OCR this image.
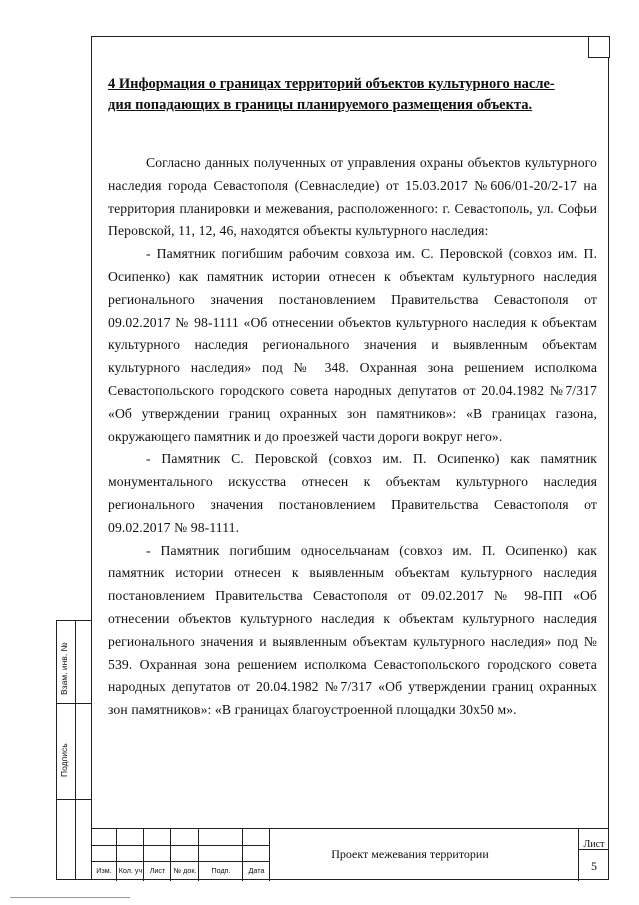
4 Информация о границах территорий объектов культурного насле-
дия попадающих в границы планируемого размещения объекта.

Согласно данных полученных от управления охраны объектов культурного наследия города Севастополя (Севнаследие) от 15.03.2017 №606/01-20/2-17 на территория планировки и межевания, расположенного: г. Севастополь, ул. Софьи Перовской, 11, 12, 46, находятся объекты культурного наследия:

- Памятник погибшим рабочим совхоза им. С. Перовской (совхоз им. П. Осипенко) как памятник истории отнесен к объектам культурного наследия регионального значения постановлением Правительства Севастополя от 09.02.2017 № 98-1111 «Об отнесении объектов культурного наследия к объектам культурного наследия регионального значения и выявленным объектам культурного наследия» под № 348. Охранная зона решением исполкома Севастопольского городского совета народных депутатов от 20.04.1982 №7/317 «Об утверждении границ охранных зон памятников»: «В границах газона, окружающего памятник и до проезжей части дороги вокруг него».

- Памятник С. Перовской (совхоз им. П. Осипенко) как памятник монументального искусства отнесен к объектам культурного наследия регионального значения постановлением Правительства Севастополя от 09.02.2017 № 98-1111.

- Памятник погибшим односельчанам (совхоз им. П. Осипенко) как памятник истории отнесен к выявленным объектам культурного наследия постановлением Правительства Севастополя от 09.02.2017 № 98-ПП «Об отнесении объектов культурного наследия к объектам культурного наследия регионального значения и выявленным объектам культурного наследия» под № 539. Охранная зона решением исполкома Севастопольского городского совета народных депутатов от 20.04.1982 №7/317 «Об утверждении границ охранных зон памятников»: «В границах благоустроенной площадки 30х50 м».

Взам. инв. №
Подпись
Изм. Кол. уч	Лист	№ док.	Подп.	Дата
Проект межевания территории
Лист
5
